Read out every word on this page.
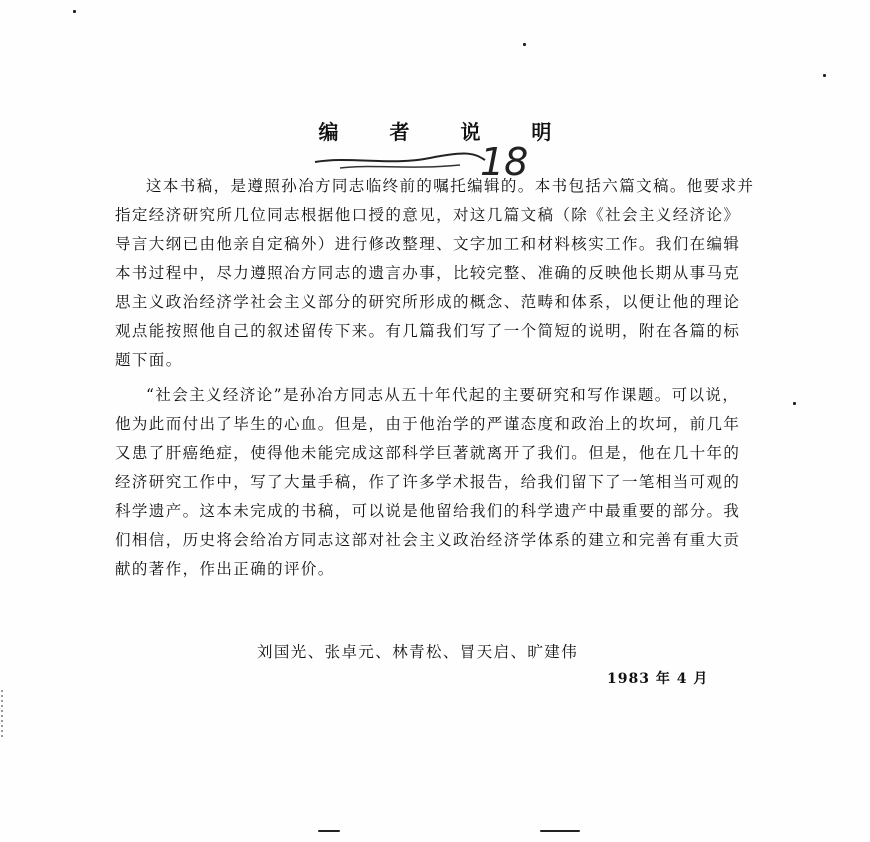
编 者 说 明
18

这本书稿，是遵照孙冶方同志临终前的嘱托编辑的。本书包括六篇文稿。他要求并指定经济研究所几位同志根据他口授的意见，对这几篇文稿（除《社会主义经济论》导言大纲已由他亲自定稿外）进行修改整理、文字加工和材料核实工作。我们在编辑本书过程中，尽力遵照冶方同志的遗言办事，比较完整、准确的反映他长期从事马克思主义政治经济学社会主义部分的研究所形成的概念、范畴和体系，以便让他的理论观点能按照他自己的叙述留传下来。有几篇我们写了一个简短的说明，附在各篇的标题下面。

“社会主义经济论”是孙冶方同志从五十年代起的主要研究和写作课题。可以说，他为此而付出了毕生的心血。但是，由于他治学的严谨态度和政治上的坎坷，前几年又患了肝癌绝症，使得他未能完成这部科学巨著就离开了我们。但是，他在几十年的经济研究工作中，写了大量手稿，作了许多学术报告，给我们留下了一笔相当可观的科学遗产。这本未完成的书稿，可以说是他留给我们的科学遗产中最重要的部分。我们相信，历史将会给冶方同志这部对社会主义政治经济学体系的建立和完善有重大贡献的著作，作出正确的评价。

刘国光、张卓元、林青松、冒天启、旷建伟
1983 年 4 月
